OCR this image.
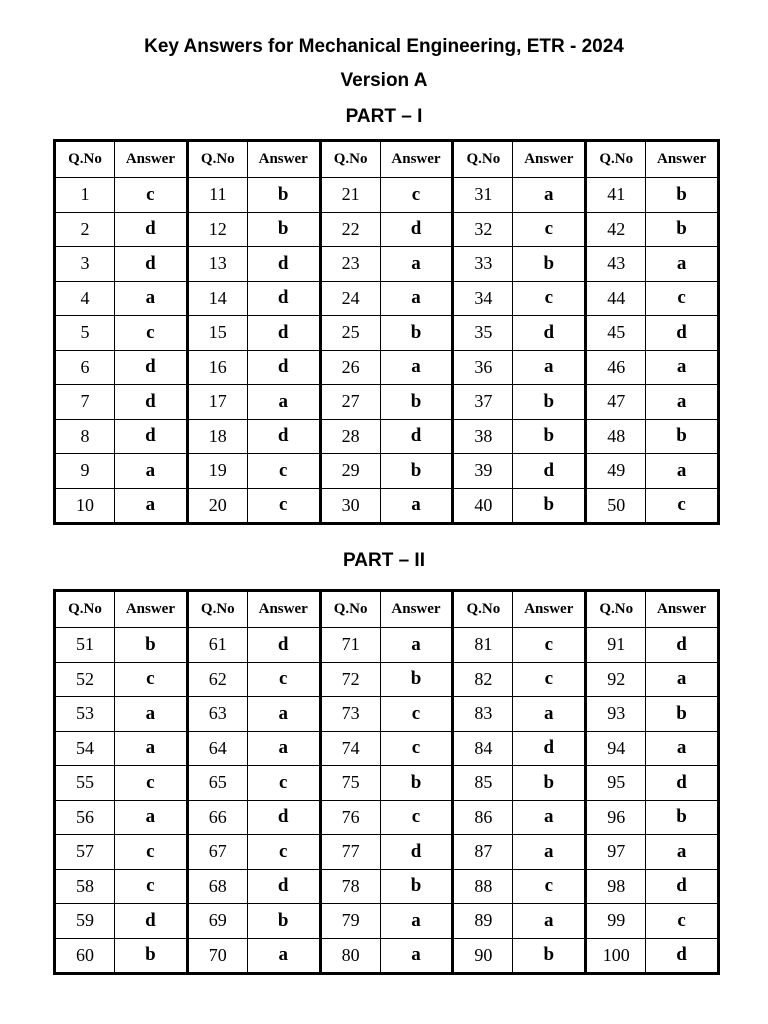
Key Answers for Mechanical Engineering, ETR - 2024
Version A
PART – I
Q.No	Answer	Q.No	Answer	Q.No	Answer	Q.No	Answer	Q.No	Answer
1	c	11	b	21	c	31	a	41	b
2	d	12	b	22	d	32	c	42	b
3	d	13	d	23	a	33	b	43	a
4	a	14	d	24	a	34	c	44	c
5	c	15	d	25	b	35	d	45	d
6	d	16	d	26	a	36	a	46	a
7	d	17	a	27	b	37	b	47	a
8	d	18	d	28	d	38	b	48	b
9	a	19	c	29	b	39	d	49	a
10	a	20	c	30	a	40	b	50	c
PART – II
Q.No	Answer	Q.No	Answer	Q.No	Answer	Q.No	Answer	Q.No	Answer
51	b	61	d	71	a	81	c	91	d
52	c	62	c	72	b	82	c	92	a
53	a	63	a	73	c	83	a	93	b
54	a	64	a	74	c	84	d	94	a
55	c	65	c	75	b	85	b	95	d
56	a	66	d	76	c	86	a	96	b
57	c	67	c	77	d	87	a	97	a
58	c	68	d	78	b	88	c	98	d
59	d	69	b	79	a	89	a	99	c
60	b	70	a	80	a	90	b	100	d
